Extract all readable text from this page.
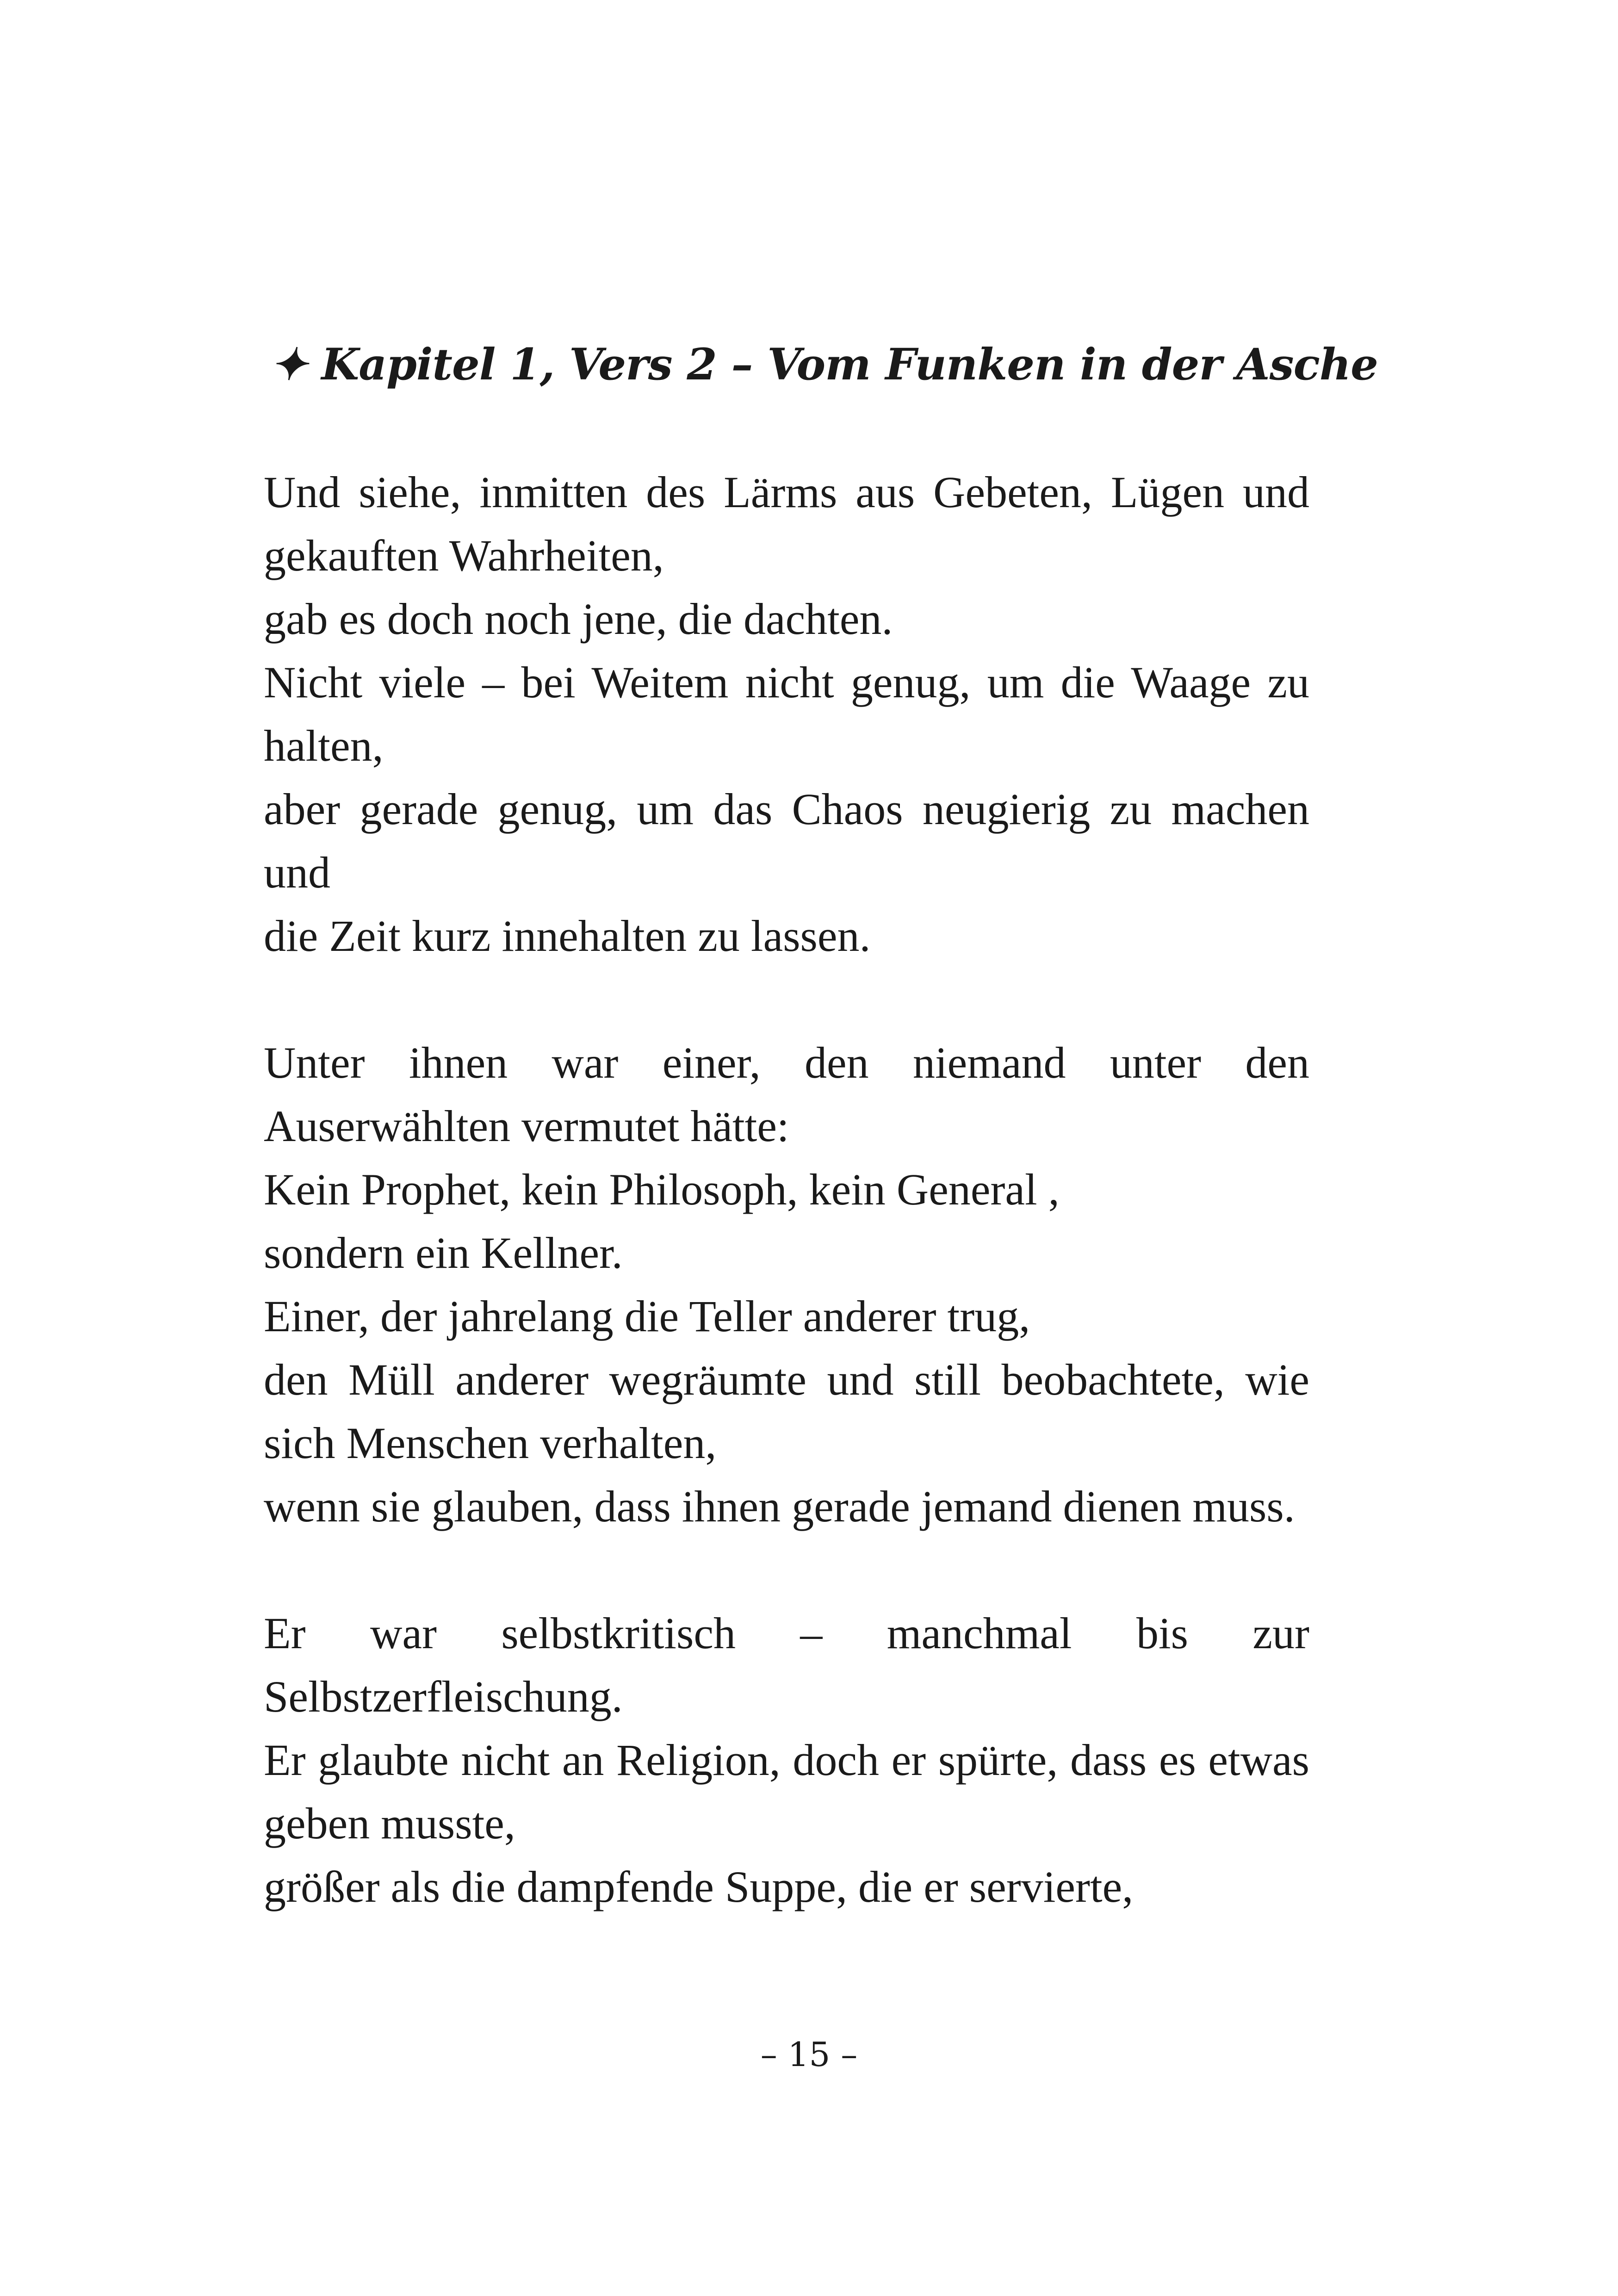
✦ Kapitel 1, Vers 2 – Vom Funken in der Asche
Und siehe, inmitten des Lärms aus Gebeten, Lügen und
gekauften Wahrheiten,
gab es doch noch jene, die dachten.
Nicht viele – bei Weitem nicht genug, um die Waage zu
halten,
aber gerade genug, um das Chaos neugierig zu machen und
die Zeit kurz innehalten zu lassen.
Unter ihnen war einer, den niemand unter den
Auserwählten vermutet hätte:
Kein Prophet, kein Philosoph, kein General ,
sondern ein Kellner.
Einer, der jahrelang die Teller anderer trug,
den Müll anderer wegräumte und still beobachtete, wie
sich Menschen verhalten,
wenn sie glauben, dass ihnen gerade jemand dienen muss.
Er war selbstkritisch – manchmal bis zur
Selbstzerfleischung.
Er glaubte nicht an Religion, doch er spürte, dass es etwas
geben musste,
größer als die dampfende Suppe, die er servierte,
– 15 –
